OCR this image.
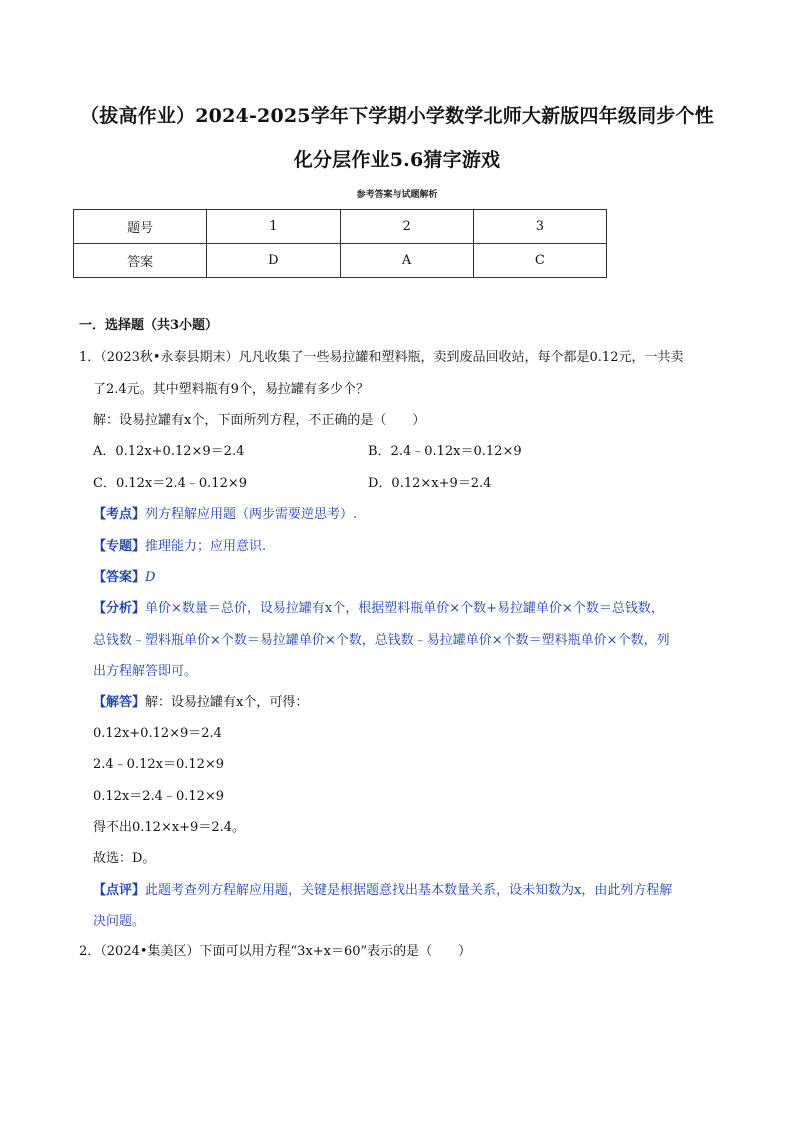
（拔高作业）2024-2025学年下学期小学数学北师大新版四年级同步个性
化分层作业5.6猜字游戏
参考答案与试题解析
题号	1	2	3
答案	D	A	C
一．选择题（共3小题）
1．（2023秋•永泰县期末）凡凡收集了一些易拉罐和塑料瓶，卖到废品回收站，每个都是0.12元，一共卖
了2.4元。其中塑料瓶有9个，易拉罐有多少个？
解：设易拉罐有x个，下面所列方程，不正确的是（　　）
A．0.12x+0.12×9＝2.4	B．2.4﹣0.12x＝0.12×9
C．0.12x＝2.4﹣0.12×9	D．0.12×x+9＝2.4
【考点】列方程解应用题（两步需要逆思考）.
【专题】推理能力；应用意识.
【答案】D
【分析】单价×数量＝总价，设易拉罐有x个，根据塑料瓶单价×个数+易拉罐单价×个数＝总钱数，
总钱数﹣塑料瓶单价×个数＝易拉罐单价×个数，总钱数﹣易拉罐单价×个数＝塑料瓶单价×个数，列
出方程解答即可。
【解答】解：设易拉罐有x个，可得：
0.12x+0.12×9＝2.4
2.4﹣0.12x＝0.12×9
0.12x＝2.4﹣0.12×9
得不出0.12×x+9＝2.4。
故选：D。
【点评】此题考查列方程解应用题，关键是根据题意找出基本数量关系，设未知数为x，由此列方程解
决问题。
2．（2024•集美区）下面可以用方程“3x+x＝60”表示的是（　　）
